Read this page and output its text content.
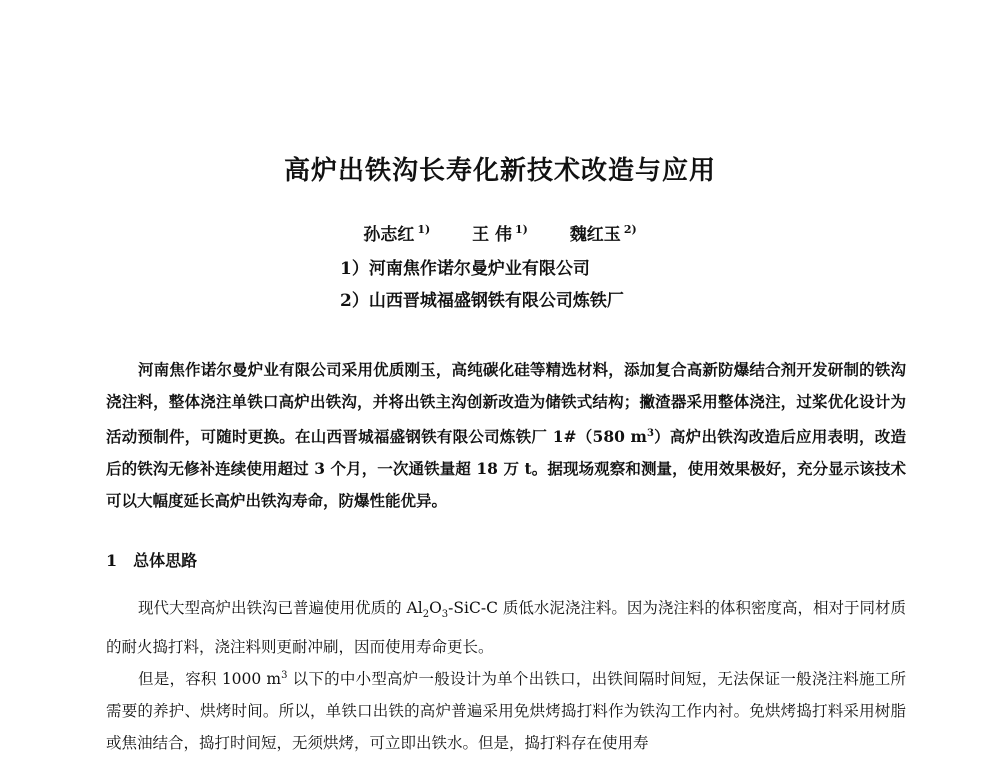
高炉出铁沟长寿化新技术改造与应用
孙志红 $^{1)}$ 王 伟 $^{1)}$ 魏红玉 $^{2)}$
1）河南焦作诺尔曼炉业有限公司
2）山西晋城福盛钢铁有限公司炼铁厂

河南焦作诺尔曼炉业有限公司采用优质刚玉，高纯碳化硅等精选材料，添加复合高新防爆结合剂开发研制的铁沟浇注料，整体浇注单铁口高炉出铁沟，并将出铁主沟创新改造为储铁式结构；撇渣器采用整体浇注，过桨优化设计为活动预制件，可随时更换。在山西晋城福盛钢铁有限公司炼铁厂 1#（580 $m^3$）高炉出铁沟改造后应用表明，改造后的铁沟无修补连续使用超过 3 个月，一次通铁量超 18 万 t。据现场观察和测量，使用效果极好，充分显示该技术可以大幅度延长高炉出铁沟寿命，防爆性能优异。

1 总体思路

现代大型高炉出铁沟已普遍使用优质的 $Al_2O_3-SiC-C$ 质低水泥浇注料。因为浇注料的体积密度高，相对于同材质的耐火捣打料，浇注料则更耐冲刷，因而使用寿命更长。

但是，容积 1000 $m^3$ 以下的中小型高炉一般设计为单个出铁口，出铁间隔时间短，无法保证一般浇注料施工所需要的养护、烘烤时间。所以，单铁口出铁的高炉普遍采用免烘烤捣打料作为铁沟工作内衬。免烘烤捣打料采用树脂或焦油结合，捣打时间短，无须烘烤，可立即出铁水。但是，捣打料存在使用寿
